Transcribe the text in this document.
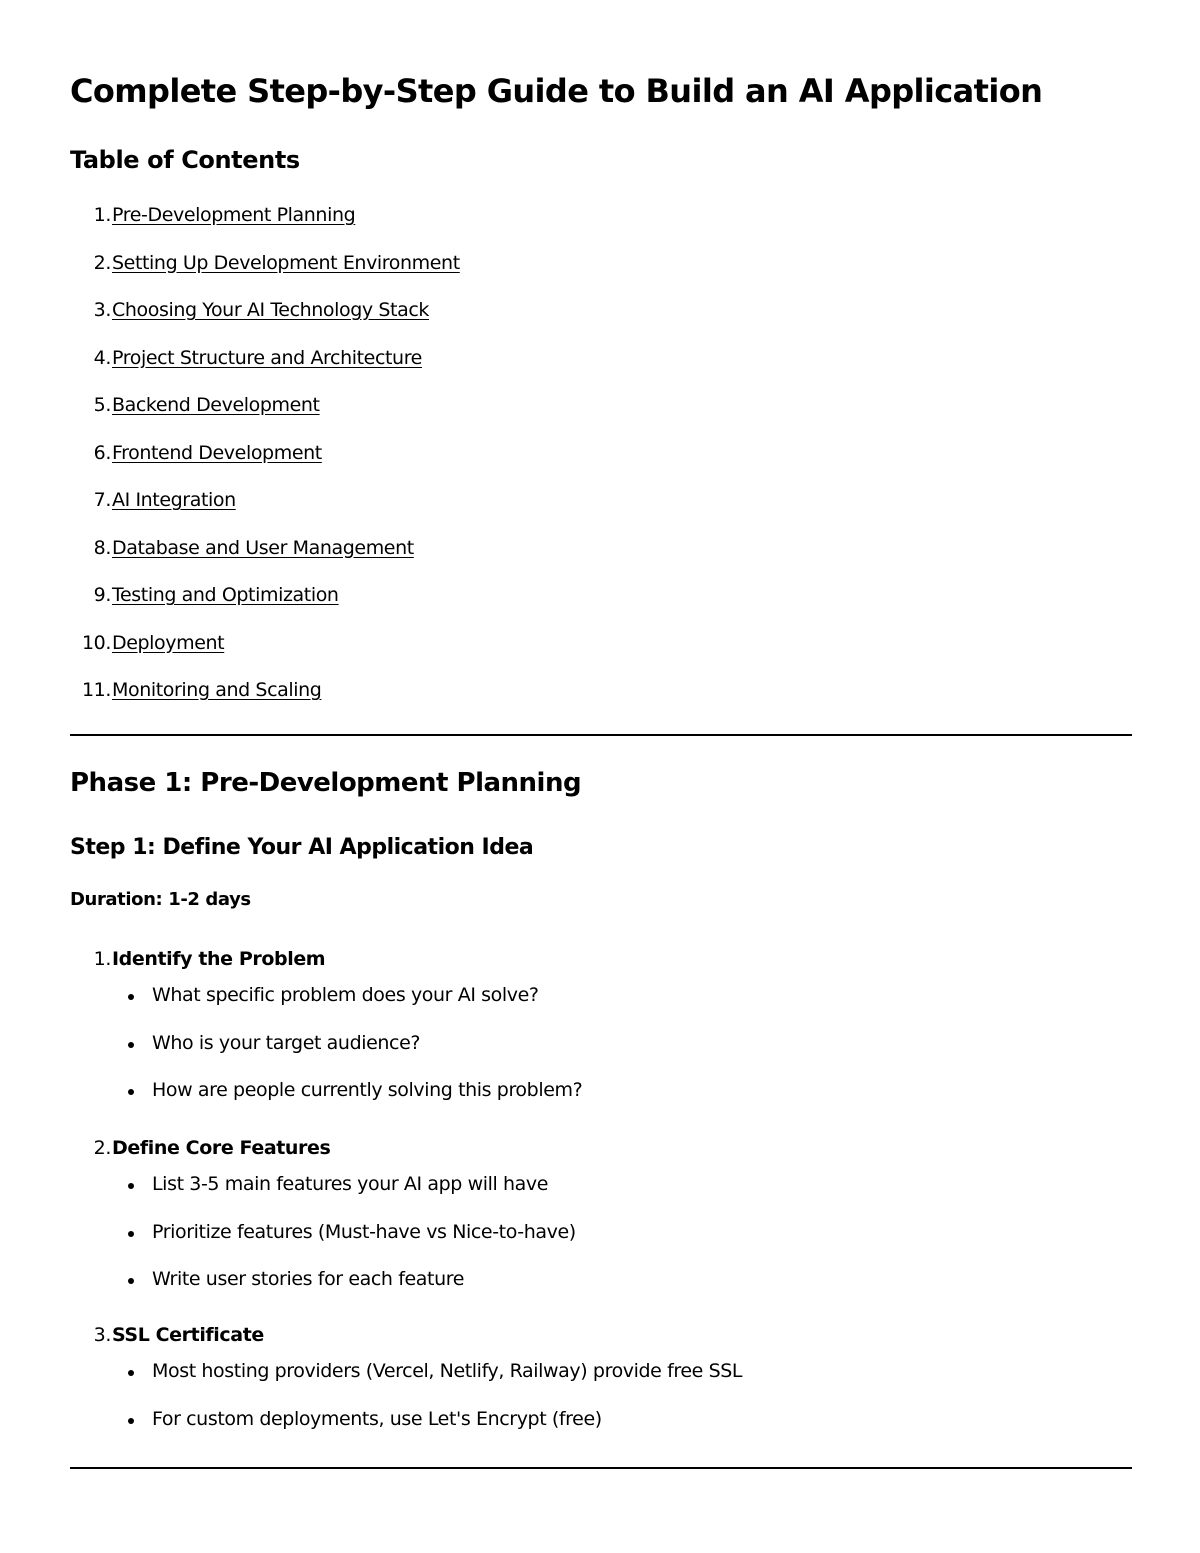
Complete Step-by-Step Guide to Build an AI Application
Table of Contents
1.Pre-Development Planning
2.Setting Up Development Environment
3.Choosing Your AI Technology Stack
4.Project Structure and Architecture
5.Backend Development
6.Frontend Development
7.AI Integration
8.Database and User Management
9.Testing and Optimization
10.Deployment
11.Monitoring and Scaling
Phase 1: Pre-Development Planning
Step 1: Define Your AI Application Idea

Duration: 1-2 days

1.Identify the Problem
What specific problem does your AI solve?
Who is your target audience?
How are people currently solving this problem?
2.Define Core Features
List 3-5 main features your AI app will have
Prioritize features (Must-have vs Nice-to-have)
Write user stories for each feature
3.SSL Certificate
Most hosting providers (Vercel, Netlify, Railway) provide free SSL
For custom deployments, use Let's Encrypt (free)
